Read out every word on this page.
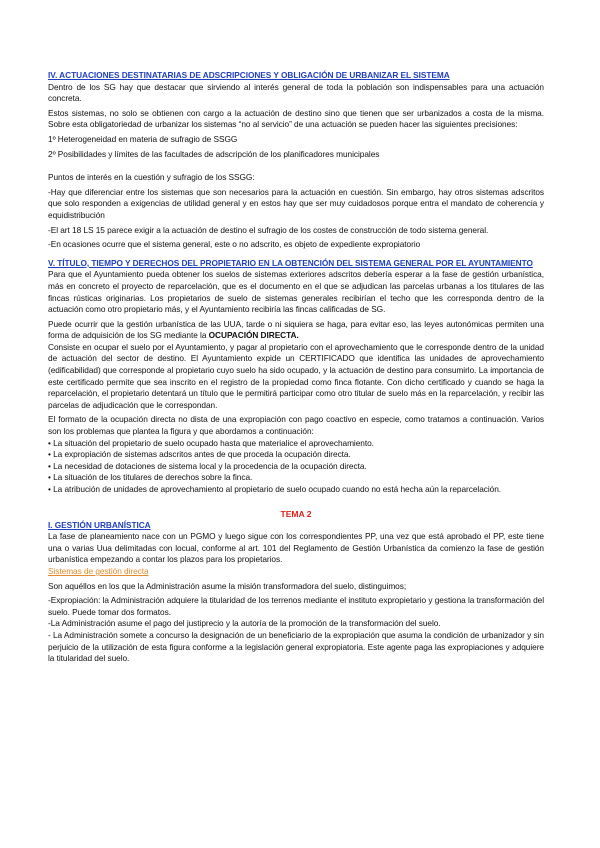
IV. ACTUACIONES DESTINATARIAS DE ADSCRIPCIONES Y OBLIGACIÓN DE URBANIZAR EL SISTEMA

Dentro de los SG hay que destacar que sirviendo al interés general de toda la población son indispensables para una actuación concreta.

Estos sistemas, no solo se obtienen con cargo a la actuación de destino sino que tienen que ser urbanizados a costa de la misma. Sobre esta obligatoriedad de urbanizar los sistemas “no al servicio” de una actuación se pueden hacer las siguientes precisiones:

1º Heterogeneidad en materia de sufragio de SSGG

2º Posibilidades y límites de las facultades de adscripción de los planificadores municipales

Puntos de interés en la cuestión y sufragio de los SSGG:

-Hay que diferenciar entre los sistemas que son necesarios para la actuación en cuestión. Sin embargo, hay otros sistemas adscritos que solo responden a exigencias de utilidad general y en estos hay que ser muy cuidadosos porque entra el mandato de coherencia y equidistribución

-El art 18 LS 15 parece exigir a la actuación de destino el sufragio de los costes de construcción de todo sistema general.

-En ocasiones ocurre que el sistema general, este o no adscrito, es objeto de expediente expropiatorio

V. TÍTULO, TIEMPO Y DERECHOS DEL PROPIETARIO EN LA OBTENCIÓN DEL SISTEMA GENERAL POR EL AYUNTAMIENTO

Para que el Ayuntamiento pueda obtener los suelos de sistemas exteriores adscritos debería esperar a la fase de gestión urbanística, más en concreto el proyecto de reparcelación, que es el documento en el que se adjudican las parcelas urbanas a los titulares de las fincas rústicas originarias. Los propietarios de suelo de sistemas generales recibirían el techo que les corresponda dentro de la actuación como otro propietario más, y el Ayuntamiento recibiría las fincas calificadas de SG.

Puede ocurrir que la gestión urbanística de las UUA, tarde o ni siquiera se haga, para evitar eso, las leyes autonómicas permiten una forma de adquisición de los SG mediante la OCUPACIÓN DIRECTA.

Consiste en ocupar el suelo por el Ayuntamiento, y pagar al propietario con el aprovechamiento que le corresponde dentro de la unidad de actuación del sector de destino. El Ayuntamiento expide un CERTIFICADO que identifica las unidades de aprovechamiento (edificabilidad) que corresponde al propietario cuyo suelo ha sido ocupado, y la actuación de destino para consumirlo. La importancia de este certificado permite que sea inscrito en el registro de la propiedad como finca flotante. Con dicho certificado y cuando se haga la reparcelación, el propietario detentará un título que le permitirá participar como otro titular de suelo más en la reparcelación, y recibir las parcelas de adjudicación que le correspondan.

El formato de la ocupación directa no dista de una expropiación con pago coactivo en especie, como tratamos a continuación. Varios son los problemas que plantea la figura y que abordamos a continuación:

• La situación del propietario de suelo ocupado hasta que materialice el aprovechamiento.

• La expropiación de sistemas adscritos antes de que proceda la ocupación directa.

• La necesidad de dotaciones de sistema local y la procedencia de la ocupación directa.

• La situación de los titulares de derechos sobre la finca.

• La atribución de unidades de aprovechamiento al propietario de suelo ocupado cuando no está hecha aún la reparcelación.

TEMA 2

I. GESTIÓN URBANÍSTICA

La fase de planeamiento nace con un PGMO y luego sigue con los correspondientes PP, una vez que está aprobado el PP, este tiene una o varias Uua delimitadas con locual, conforme al art. 101 del Reglamento de Gestión Urbanística da comienzo la fase de gestión urbanística empezando a contar los plazos para los propietarios.

Sistemas de gestión directa

Son aquéllos en los que la Administración asume la misión transformadora del suelo, distinguimos;

-Expropiación: la Administración adquiere la titularidad de los terrenos mediante el instituto expropietario y gestiona la transformación del suelo. Puede tomar dos formatos.

-La Administración asume el pago del justiprecio y la autoría de la promoción de la transformación del suelo.

- La Administración somete a concurso la designación de un beneficiario de la expropiación que asuma la condición de urbanizador y sin perjuicio de la utilización de esta figura conforme a la legislación general expropiatoria. Este agente paga las expropiaciones y adquiere la titularidad del suelo.
